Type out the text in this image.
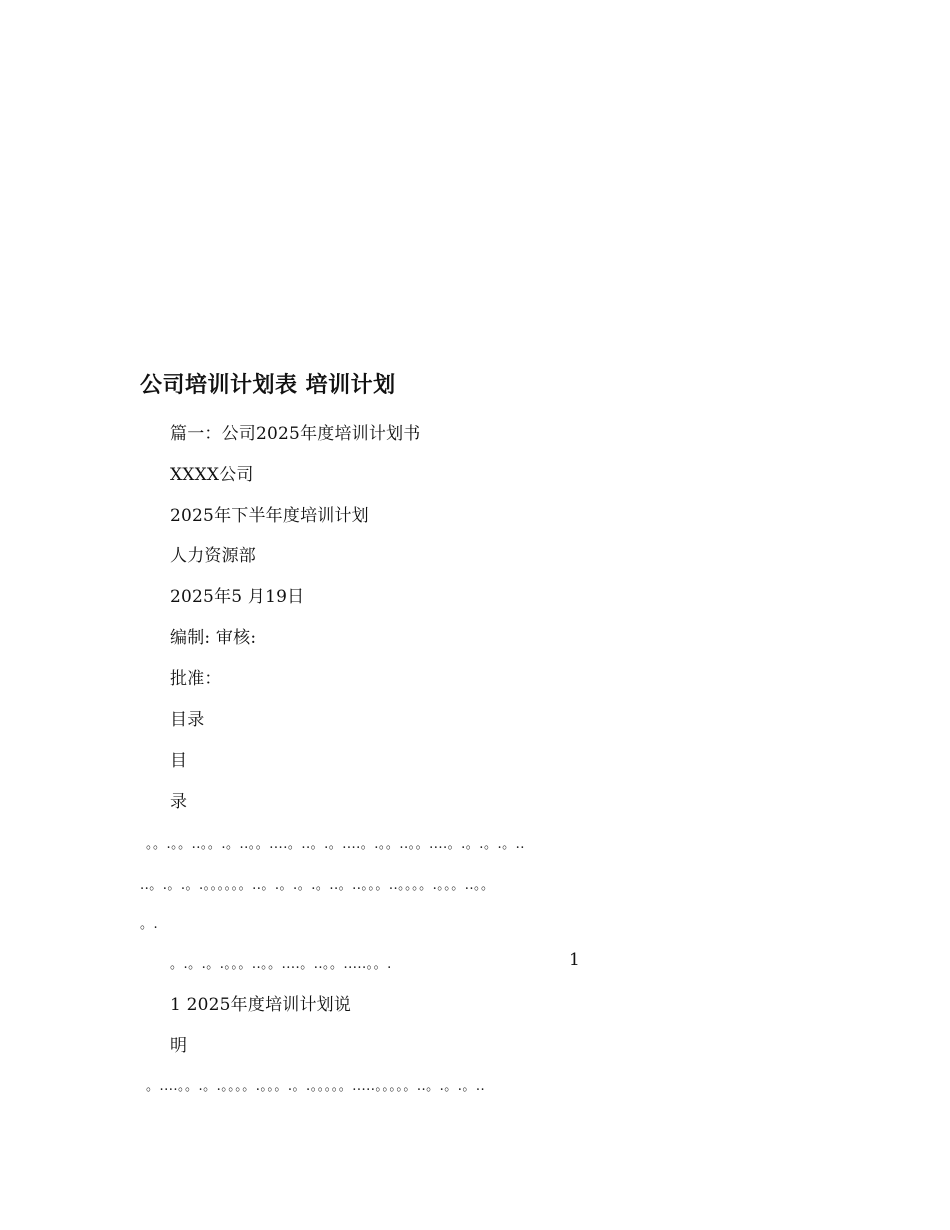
公司培训计划表 培训计划
篇一：公司2025年度培训计划书
XXXX公司
2025年下半年度培训计划
人力资源部
2025年5 月19日
编制: 审核:
批准：
目录
目
录
。。.。。..。。.。..。。....。..。.。....。.。。..。。....。.。.。.。..
..。.。.。.。。。。。。..。.。.。.。..。..。。。..。。。。.。。。..。。
。.
。.。.。.。。。..。。....。..。。.....。。.	1
1 2025年度培训计划说
明
。....。。.。.。。。。.。。。.。.。。。。。.....。。。。。..。.。.。..
